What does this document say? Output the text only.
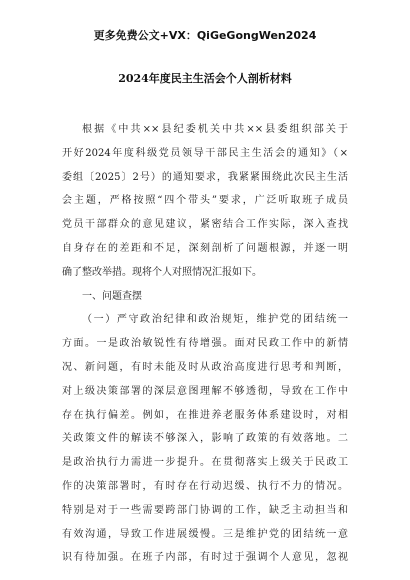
更多免费公文+VX：QiGeGongWen2024
2024年度民主生活会个人剖析材料
根据《中共××县纪委机关中共××县委组织部关于
开好2024年度科级党员领导干部民主生活会的通知》（×
委组〔2025〕2号）的通知要求，我紧紧围绕此次民主生活
会主题，严格按照“四个带头”要求，广泛听取班子成员
党员干部群众的意见建议，紧密结合工作实际，深入查找
自身存在的差距和不足，深刻剖析了问题根源，并逐一明
确了整改举措。现将个人对照情况汇报如下。
一、问题查摆
（一）严守政治纪律和政治规矩，维护党的团结统一
方面。一是政治敏锐性有待增强。面对民政工作中的新情
况、新问题，有时未能及时从政治高度进行思考和判断，
对上级决策部署的深层意图理解不够透彻，导致在工作中
存在执行偏差。例如，在推进养老服务体系建设时，对相
关政策文件的解读不够深入，影响了政策的有效落地。二
是政治执行力需进一步提升。在贯彻落实上级关于民政工
作的决策部署时，有时存在行动迟缓、执行不力的情况。
特别是对于一些需要跨部门协调的工作，缺乏主动担当和
有效沟通，导致工作进展缓慢。三是维护党的团结统一意
识有待加强。在班子内部，有时过于强调个人意见，忽视
